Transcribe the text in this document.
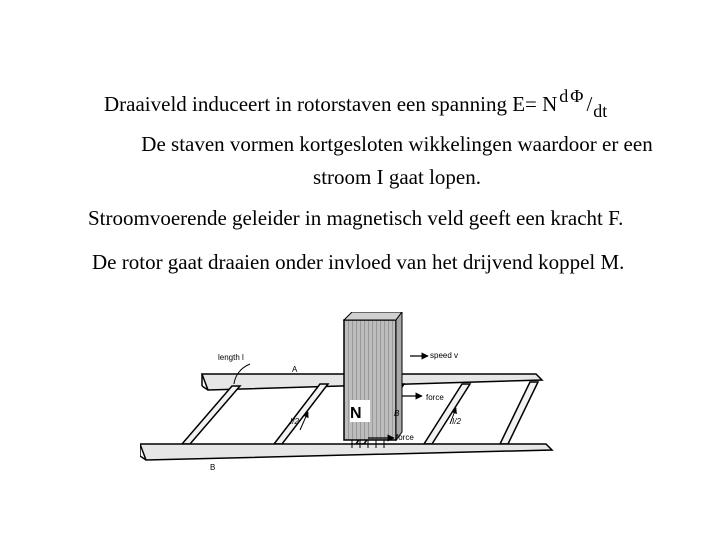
Draaiveld induceert in rotorstaven een spanning E= N d Φ /dt
De staven vormen kortgesloten wikkelingen waardoor er een
stroom I gaat lopen.
Stroomvoerende geleider in magnetisch veld geeft een kracht F.
De rotor gaat draaien onder invloed van het drijvend koppel M.
length l	speed v
A
B
N	B
force
force
I/2	I/2
